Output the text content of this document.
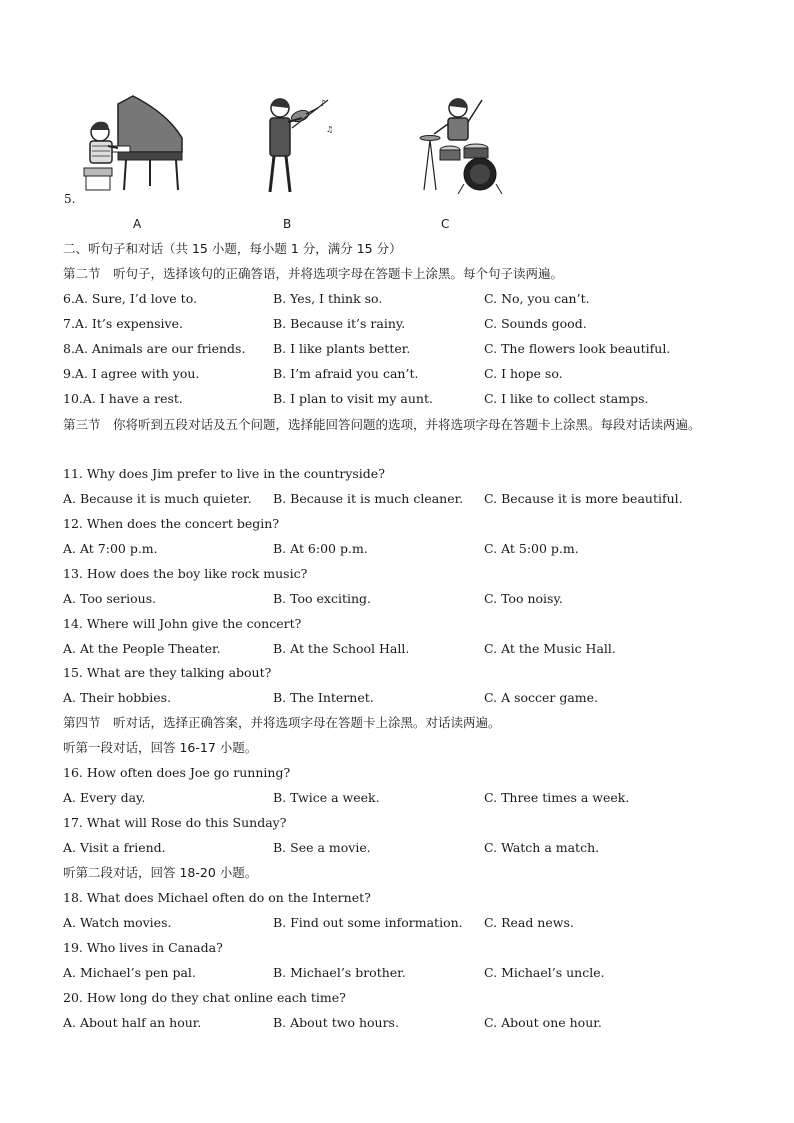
5.
♪
♫
A	B	C
二、听句子和对话（共 15 小题，每小题 1 分，满分 15 分）
第二节　听句子，选择该句的正确答语，并将选项字母在答题卡上涂黑。每个句子读两遍。
6.A. Sure, I’d love to.	B. Yes, I think so.	C. No, you can’t.
7.A. It’s expensive.	B. Because it’s rainy.	C. Sounds good.
8.A. Animals are our friends. B. I like plants better.	C. The flowers look beautiful.
9.A. I agree with you.	B. I’m afraid you can’t.	C. I hope so.
10.A. I have a rest.	B. I plan to visit my aunt.	C. I like to collect stamps.
第三节　你将听到五段对话及五个问题，选择能回答问题的选项，并将选项字母在答题卡上涂黑。每段对话读两遍。
11. Why does Jim prefer to live in the countryside?
A. Because it is much quieter. B. Because it is much cleaner. C. Because it is more beautiful.
12. When does the concert begin?
A. At 7:00 p.m.	B. At 6:00 p.m.	C. At 5:00 p.m.
13. How does the boy like rock music?
A. Too serious.	B. Too exciting.	C. Too noisy.
14. Where will John give the concert?
A. At the People Theater.	B. At the School Hall.	C. At the Music Hall.
15. What are they talking about?
A. Their hobbies.	B. The Internet.	C. A soccer game.
第四节　听对话，选择正确答案，并将选项字母在答题卡上涂黑。对话读两遍。
听第一段对话，回答 16-17 小题。
16. How often does Joe go running?
A. Every day.	B. Twice a week.	C. Three times a week.
17. What will Rose do this Sunday?
A. Visit a friend.	B. See a movie.	C. Watch a match.
听第二段对话，回答 18-20 小题。
18. What does Michael often do on the Internet?
A. Watch movies.	B. Find out some information. C. Read news.
19. Who lives in Canada?
A. Michael’s pen pal.	B. Michael’s brother.	C. Michael’s uncle.
20. How long do they chat online each time?
A. About half an hour.	B. About two hours.	C. About one hour.
